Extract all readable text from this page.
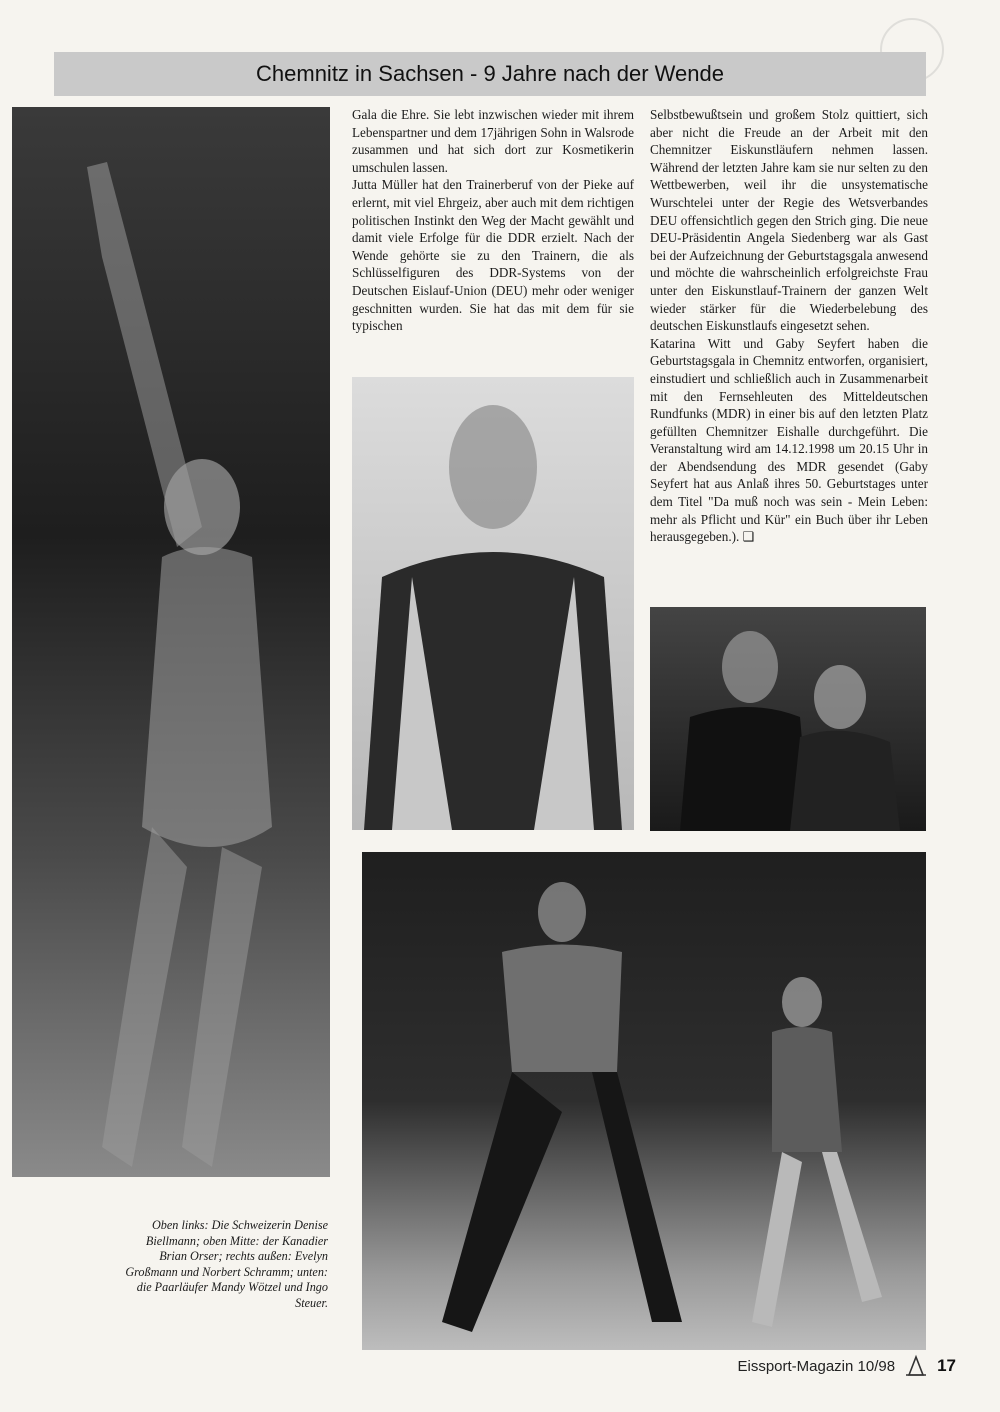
Chemnitz in Sachsen - 9 Jahre nach der Wende

Gala die Ehre. Sie lebt inzwischen wieder mit ihrem Lebenspartner und dem 17jährigen Sohn in Walsrode zusammen und hat sich dort zur Kosmetikerin umschulen lassen.

Jutta Müller hat den Trainerberuf von der Pieke auf erlernt, mit viel Ehrgeiz, aber auch mit dem richtigen politischen Instinkt den Weg der Macht gewählt und damit viele Erfolge für die DDR erzielt. Nach der Wende gehörte sie zu den Trainern, die als Schlüsselfiguren des DDR-Systems von der Deutschen Eislauf-Union (DEU) mehr oder weniger geschnitten wurden. Sie hat das mit dem für sie typischen

Selbstbewußtsein und großem Stolz quittiert, sich aber nicht die Freude an der Arbeit mit den Chemnitzer Eiskunstläufern nehmen lassen. Während der letzten Jahre kam sie nur selten zu den Wettbewerben, weil ihr die unsystematische Wurschtelei unter der Regie des Wetsverbandes DEU offensichtlich gegen den Strich ging. Die neue DEU-Präsidentin Angela Siedenberg war als Gast bei der Aufzeichnung der Geburtstagsgala anwesend und möchte die wahrscheinlich erfolgreichste Frau unter den Eiskunstlauf-Trainern der ganzen Welt wieder stärker für die Wiederbelebung des deutschen Eiskunstlaufs eingesetzt sehen.

Katarina Witt und Gaby Seyfert haben die Geburtstagsgala in Chemnitz entworfen, organisiert, einstudiert und schließlich auch in Zusammenarbeit mit den Fernsehleuten des Mitteldeutschen Rundfunks (MDR) in einer bis auf den letzten Platz gefüllten Chemnitzer Eishalle durchgeführt. Die Veranstaltung wird am 14.12.1998 um 20.15 Uhr in der Abendsendung des MDR gesendet (Gaby Seyfert hat aus Anlaß ihres 50. Geburtstages unter dem Titel "Da muß noch was sein - Mein Leben: mehr als Pflicht und Kür" ein Buch über ihr Leben herausgegeben.). ❑

Oben links: Die Schweizerin Denise Biellmann; oben Mitte: der Kanadier Brian Orser; rechts außen: Evelyn Großmann und Norbert Schramm; unten: die Paarläufer Mandy Wötzel und Ingo Steuer.
Eissport-Magazin 10/98 17
